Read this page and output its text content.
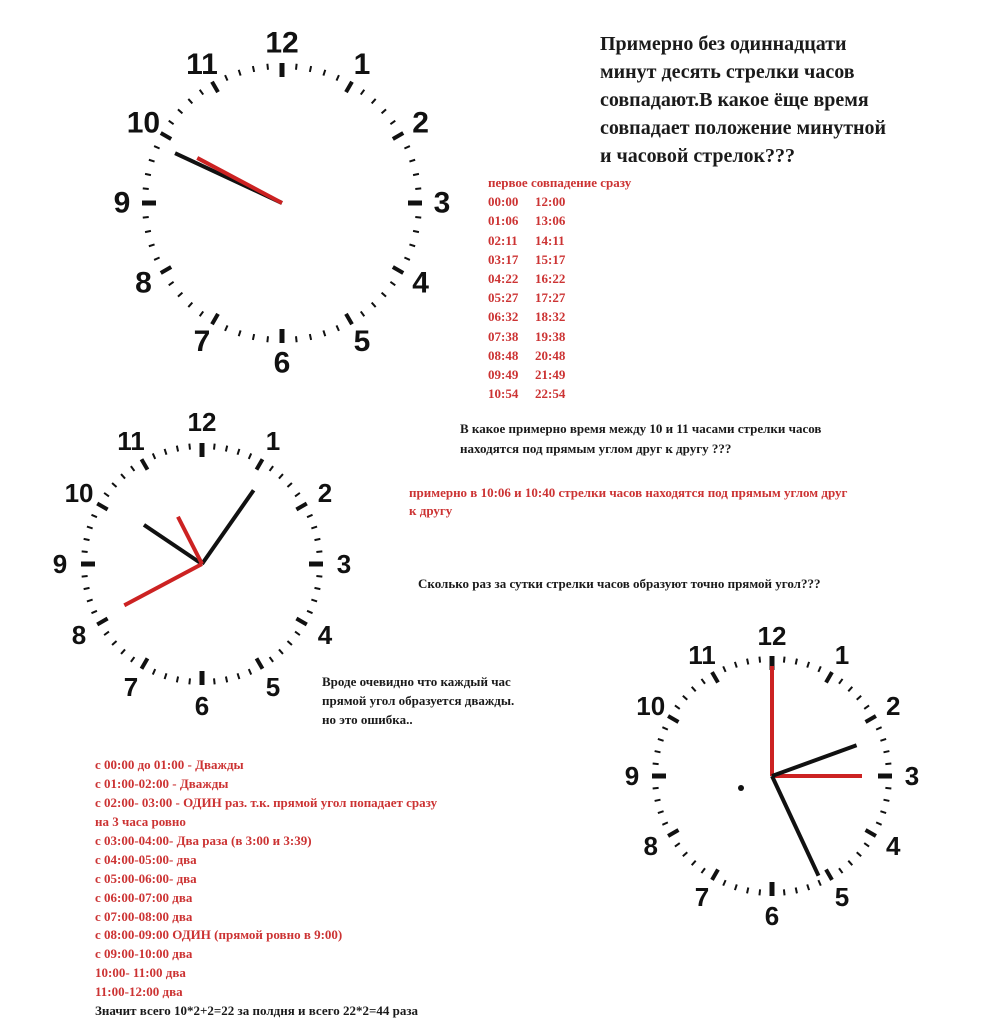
12
1
2
3
4
5
6
7
8
9
10
11
12
1
2
3
4
5
6
7
8
9
10
11
12
1
2
3
4
5
6
7
8
9
10
11
Примерно без одиннадцати
минут десять стрелки часов
совпадают.В какое ёще время
совпадает положение минутной
и часовой стрелок???
первое совпадение сразу
00:00 12:00
01:06 13:06
02:11 14:11
03:17 15:17
04:22 16:22
05:27 17:27
06:32 18:32
07:38 19:38
08:48 20:48
09:49 21:49
10:54 22:54
В какое примерно время между 10 и 11 часами стрелки часов
находятся под прямым углом друг к другу ???
примерно в 10:06 и 10:40 стрелки часов находятся под прямым углом друг
к другу
Сколько раз за сутки стрелки часов образуют точно прямой угол???
Вроде очевидно что каждый час
прямой угол образуется дважды.
но это ошибка..
с 00:00 до 01:00 - Дважды
с 01:00-02:00 - Дважды
с 02:00- 03:00 - ОДИН раз. т.к. прямой угол попадает сразу
на 3 часа ровно
с 03:00-04:00- Два раза (в 3:00 и 3:39)
с 04:00-05:00- два
с 05:00-06:00- два
с 06:00-07:00 два
с 07:00-08:00 два
с 08:00-09:00 ОДИН (прямой ровно в 9:00)
с 09:00-10:00 два
10:00- 11:00 два
11:00-12:00 два
Значит всего 10*2+2=22 за полдня и всего 22*2=44 раза
